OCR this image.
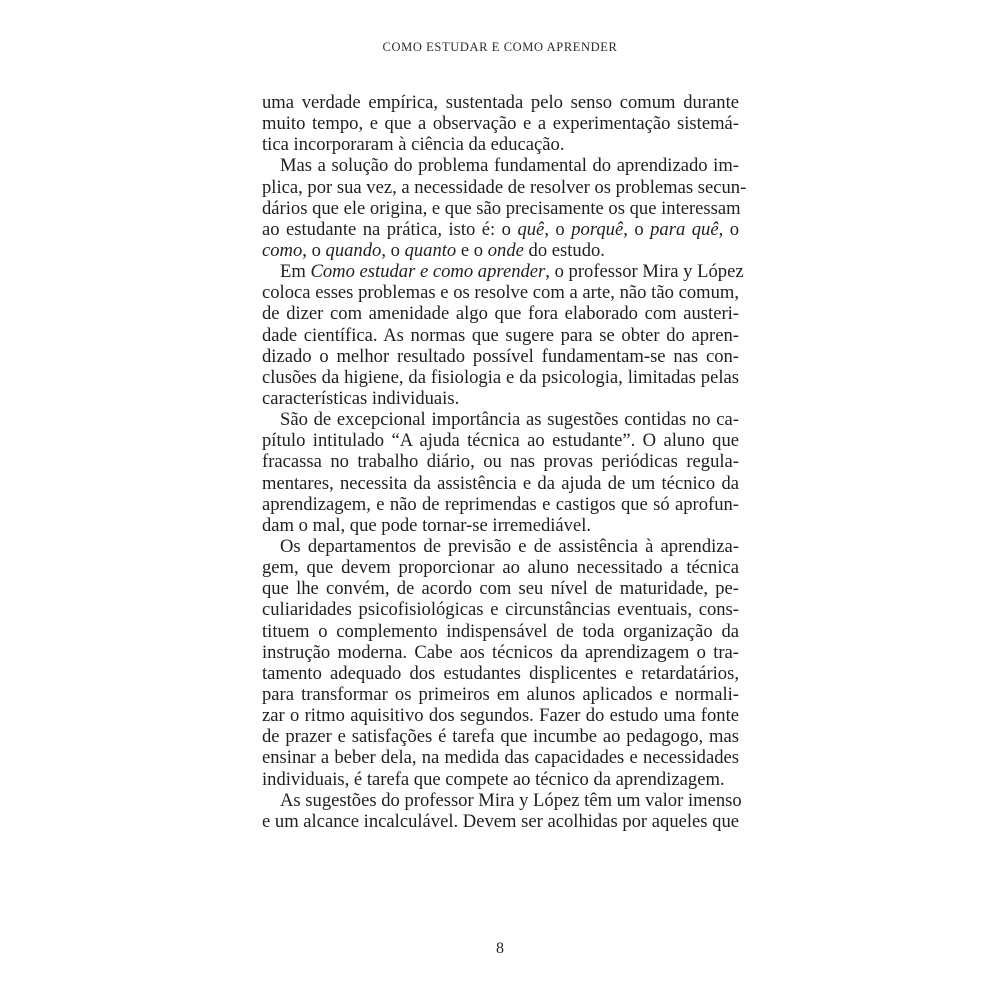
COMO ESTUDAR E COMO APRENDER
uma verdade empírica, sustentada pelo senso comum durante
muito tempo, e que a observação e a experimentação sistemá-
tica incorporaram à ciência da educação.
Mas a solução do problema fundamental do aprendizado im-
plica, por sua vez, a necessidade de resolver os problemas secun-
dários que ele origina, e que são precisamente os que interessam
ao estudante na prática, isto é: o quê, o porquê, o para quê, o
como, o quando, o quanto e o onde do estudo.
Em Como estudar e como aprender, o professor Mira y López
coloca esses problemas e os resolve com a arte, não tão comum,
de dizer com amenidade algo que fora elaborado com austeri-
dade científica. As normas que sugere para se obter do apren-
dizado o melhor resultado possível fundamentam-se nas con-
clusões da higiene, da fisiologia e da psicologia, limitadas pelas
características individuais.
São de excepcional importância as sugestões contidas no ca-
pítulo intitulado “A ajuda técnica ao estudante”. O aluno que
fracassa no trabalho diário, ou nas provas periódicas regula-
mentares, necessita da assistência e da ajuda de um técnico da
aprendizagem, e não de reprimendas e castigos que só aprofun-
dam o mal, que pode tornar-se irremediável.
Os departamentos de previsão e de assistência à aprendiza-
gem, que devem proporcionar ao aluno necessitado a técnica
que lhe convém, de acordo com seu nível de maturidade, pe-
culiaridades psicofisiológicas e circunstâncias eventuais, cons-
tituem o complemento indispensável de toda organização da
instrução moderna. Cabe aos técnicos da aprendizagem o tra-
tamento adequado dos estudantes displicentes e retardatários,
para transformar os primeiros em alunos aplicados e normali-
zar o ritmo aquisitivo dos segundos. Fazer do estudo uma fonte
de prazer e satisfações é tarefa que incumbe ao pedagogo, mas
ensinar a beber dela, na medida das capacidades e necessidades
individuais, é tarefa que compete ao técnico da aprendizagem.
As sugestões do professor Mira y López têm um valor imenso
e um alcance incalculável. Devem ser acolhidas por aqueles que
8
